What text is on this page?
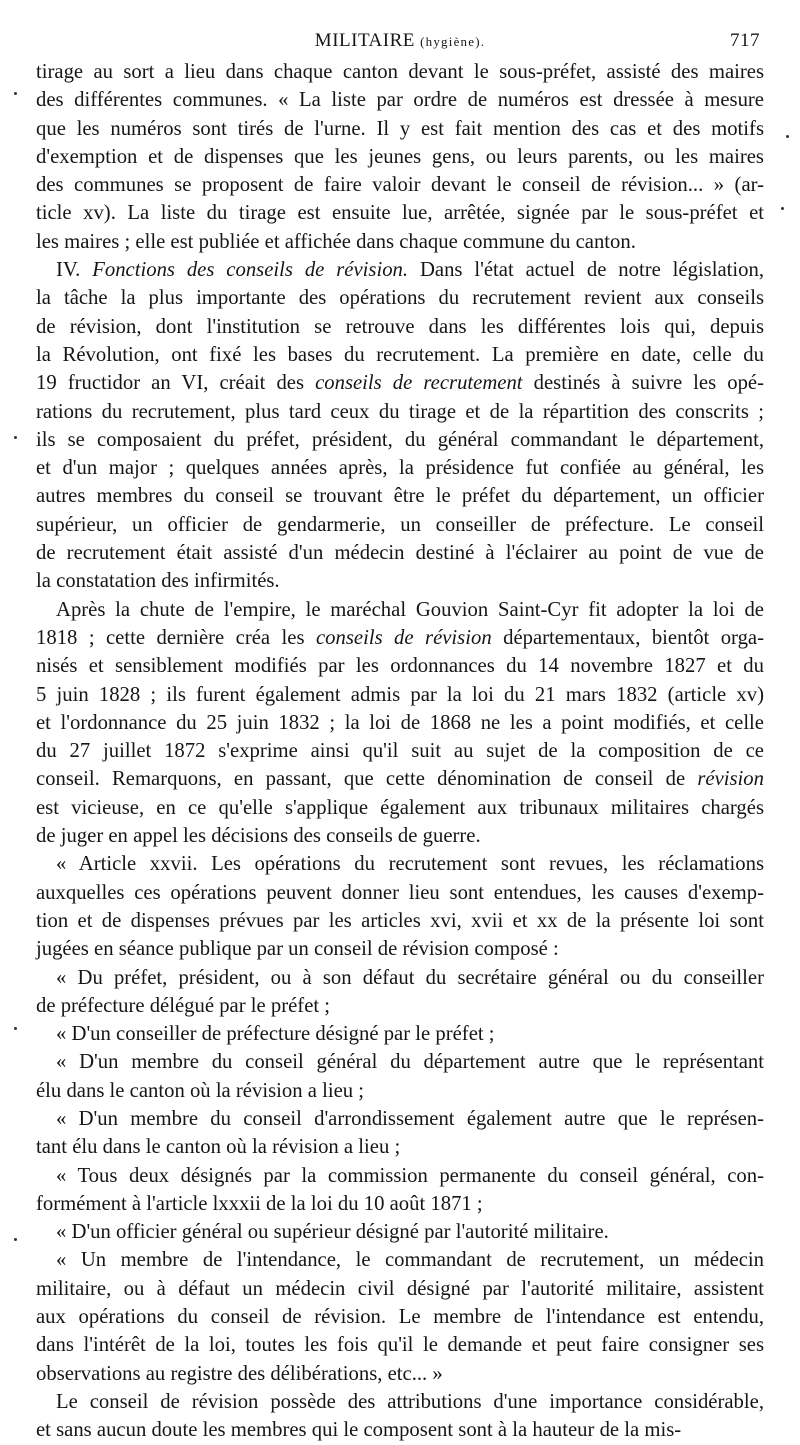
MILITAIRE (hygiène).	717
tirage au sort a lieu dans chaque canton devant le sous-préfet, assisté des maires
des différentes communes. « La liste par ordre de numéros est dressée à mesure
que les numéros sont tirés de l'urne. Il y est fait mention des cas et des motifs
d'exemption et de dispenses que les jeunes gens, ou leurs parents, ou les maires
des communes se proposent de faire valoir devant le conseil de révision... » (ar-
ticle xv). La liste du tirage est ensuite lue, arrêtée, signée par le sous-préfet et
les maires ; elle est publiée et affichée dans chaque commune du canton.
IV. Fonctions des conseils de révision. Dans l'état actuel de notre législation,
la tâche la plus importante des opérations du recrutement revient aux conseils
de révision, dont l'institution se retrouve dans les différentes lois qui, depuis
la Révolution, ont fixé les bases du recrutement. La première en date, celle du
19 fructidor an VI, créait des conseils de recrutement destinés à suivre les opé-
rations du recrutement, plus tard ceux du tirage et de la répartition des conscrits ;
ils se composaient du préfet, président, du général commandant le département,
et d'un major ; quelques années après, la présidence fut confiée au général, les
autres membres du conseil se trouvant être le préfet du département, un officier
supérieur, un officier de gendarmerie, un conseiller de préfecture. Le conseil
de recrutement était assisté d'un médecin destiné à l'éclairer au point de vue de
la constatation des infirmités.
Après la chute de l'empire, le maréchal Gouvion Saint-Cyr fit adopter la loi de
1818 ; cette dernière créa les conseils de révision départementaux, bientôt orga-
nisés et sensiblement modifiés par les ordonnances du 14 novembre 1827 et du
5 juin 1828 ; ils furent également admis par la loi du 21 mars 1832 (article xv)
et l'ordonnance du 25 juin 1832 ; la loi de 1868 ne les a point modifiés, et celle
du 27 juillet 1872 s'exprime ainsi qu'il suit au sujet de la composition de ce
conseil. Remarquons, en passant, que cette dénomination de conseil de révision
est vicieuse, en ce qu'elle s'applique également aux tribunaux militaires chargés
de juger en appel les décisions des conseils de guerre.
« Article xxvii. Les opérations du recrutement sont revues, les réclamations
auxquelles ces opérations peuvent donner lieu sont entendues, les causes d'exemp-
tion et de dispenses prévues par les articles xvi, xvii et xx de la présente loi sont
jugées en séance publique par un conseil de révision composé :
« Du préfet, président, ou à son défaut du secrétaire général ou du conseiller
de préfecture délégué par le préfet ;
« D'un conseiller de préfecture désigné par le préfet ;
« D'un membre du conseil général du département autre que le représentant
élu dans le canton où la révision a lieu ;
« D'un membre du conseil d'arrondissement également autre que le représen-
tant élu dans le canton où la révision a lieu ;
« Tous deux désignés par la commission permanente du conseil général, con-
formément à l'article lxxxii de la loi du 10 août 1871 ;
« D'un officier général ou supérieur désigné par l'autorité militaire.
« Un membre de l'intendance, le commandant de recrutement, un médecin
militaire, ou à défaut un médecin civil désigné par l'autorité militaire, assistent
aux opérations du conseil de révision. Le membre de l'intendance est entendu,
dans l'intérêt de la loi, toutes les fois qu'il le demande et peut faire consigner ses
observations au registre des délibérations, etc... »
Le conseil de révision possède des attributions d'une importance considérable,
et sans aucun doute les membres qui le composent sont à la hauteur de la mis-
